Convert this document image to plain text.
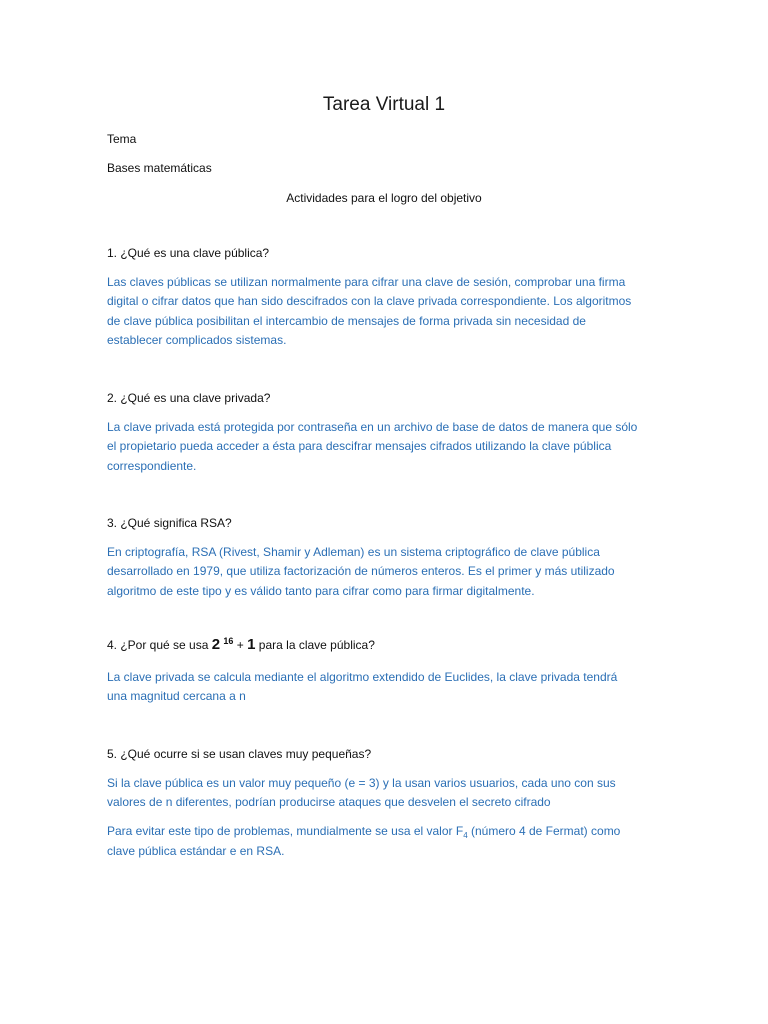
Tarea Virtual 1
Tema
Bases matemáticas
Actividades para el logro del objetivo
1. ¿Qué es una clave pública?
Las claves públicas se utilizan normalmente para cifrar una clave de sesión, comprobar una firma
digital o cifrar datos que han sido descifrados con la clave privada correspondiente. Los algoritmos
de clave pública posibilitan el intercambio de mensajes de forma privada sin necesidad de
establecer complicados sistemas.
2. ¿Qué es una clave privada?
La clave privada está protegida por contraseña en un archivo de base de datos de manera que sólo
el propietario pueda acceder a ésta para descifrar mensajes cifrados utilizando la clave pública
correspondiente.
3. ¿Qué significa RSA?
En criptografía, RSA (Rivest, Shamir y Adleman) es un sistema criptográfico de clave pública
desarrollado en 1979, que utiliza factorización de números enteros. Es el primer y más utilizado
algoritmo de este tipo y es válido tanto para cifrar como para firmar digitalmente.
4. ¿Por qué se usa 2 $^{16}$ + 1 para la clave pública?
La clave privada se calcula mediante el algoritmo extendido de Euclides, la clave privada tendrá
una magnitud cercana a n
5. ¿Qué ocurre si se usan claves muy pequeñas?
Si la clave pública es un valor muy pequeño (e = 3) y la usan varios usuarios, cada uno con sus
valores de n diferentes, podrían producirse ataques que desvelen el secreto cifrado
Para evitar este tipo de problemas, mundialmente se usa el valor $F_4$ (número 4 de Fermat) como
clave pública estándar e en RSA.
